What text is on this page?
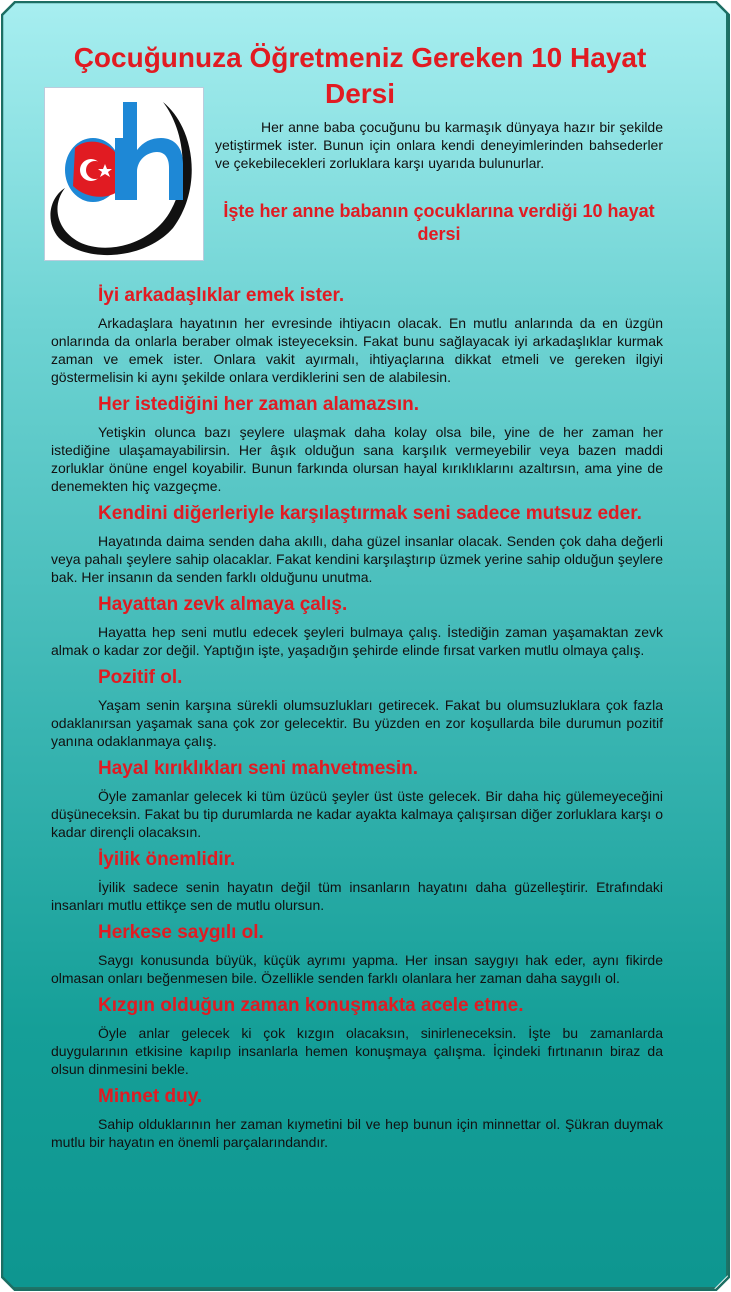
Çocuğunuza Öğretmeniz Gereken 10 Hayat Dersi

Her anne baba çocuğunu bu karmaşık dünyaya hazır bir şekilde yetiştirmek ister. Bunun için onlara kendi deneyimlerinden bahsederler ve çekebilecekleri zorluklara karşı uyarıda bulunurlar.

İşte her anne babanın çocuklarına verdiği 10 hayat dersi

İyi arkadaşlıklar emek ister.

Arkadaşlara hayatının her evresinde ihtiyacın olacak. En mutlu anlarında da en üzgün onlarında da onlarla beraber olmak isteyeceksin. Fakat bunu sağlayacak iyi arkadaşlıklar kurmak zaman ve emek ister. Onlara vakit ayırmalı, ihtiyaçlarına dikkat etmeli ve gereken ilgiyi göstermelisin ki aynı şekilde onlara verdiklerini sen de alabilesin.

Her istediğini her zaman alamazsın.

Yetişkin olunca bazı şeylere ulaşmak daha kolay olsa bile, yine de her zaman her istediğine ulaşamayabilirsin. Her âşık olduğun sana karşılık vermeyebilir veya bazen maddi zorluklar önüne engel koyabilir. Bunun farkında olursan hayal kırıklıklarını azaltırsın, ama yine de denemekten hiç vazgeçme.

Kendini diğerleriyle karşılaştırmak seni sadece mutsuz eder.

Hayatında daima senden daha akıllı, daha güzel insanlar olacak. Senden çok daha değerli veya pahalı şeylere sahip olacaklar. Fakat kendini karşılaştırıp üzmek yerine sahip olduğun şeylere bak. Her insanın da senden farklı olduğunu unutma.

Hayattan zevk almaya çalış.

Hayatta hep seni mutlu edecek şeyleri bulmaya çalış. İstediğin zaman yaşamaktan zevk almak o kadar zor değil. Yaptığın işte, yaşadığın şehirde elinde fırsat varken mutlu olmaya çalış.

Pozitif ol.

Yaşam senin karşına sürekli olumsuzlukları getirecek. Fakat bu olumsuzluklara çok fazla odaklanırsan yaşamak sana çok zor gelecektir. Bu yüzden en zor koşullarda bile durumun pozitif yanına odaklanmaya çalış.

Hayal kırıklıkları seni mahvetmesin.

Öyle zamanlar gelecek ki tüm üzücü şeyler üst üste gelecek. Bir daha hiç gülemeyeceğini düşüneceksin. Fakat bu tip durumlarda ne kadar ayakta kalmaya çalışırsan diğer zorluklara karşı o kadar dirençli olacaksın.

İyilik önemlidir.

İyilik sadece senin hayatın değil tüm insanların hayatını daha güzelleştirir. Etrafındaki insanları mutlu ettikçe sen de mutlu olursun.

Herkese saygılı ol.

Saygı konusunda büyük, küçük ayrımı yapma. Her insan saygıyı hak eder, aynı fikirde olmasan onları beğenmesen bile. Özellikle senden farklı olanlara her zaman daha saygılı ol.

Kızgın olduğun zaman konuşmakta acele etme.

Öyle anlar gelecek ki çok kızgın olacaksın, sinirleneceksin. İşte bu zamanlarda duygularının etkisine kapılıp insanlarla hemen konuşmaya çalışma. İçindeki fırtınanın biraz da olsun dinmesini bekle.

Minnet duy.

Sahip olduklarının her zaman kıymetini bil ve hep bunun için minnettar ol. Şükran duymak mutlu bir hayatın en önemli parçalarındandır.
